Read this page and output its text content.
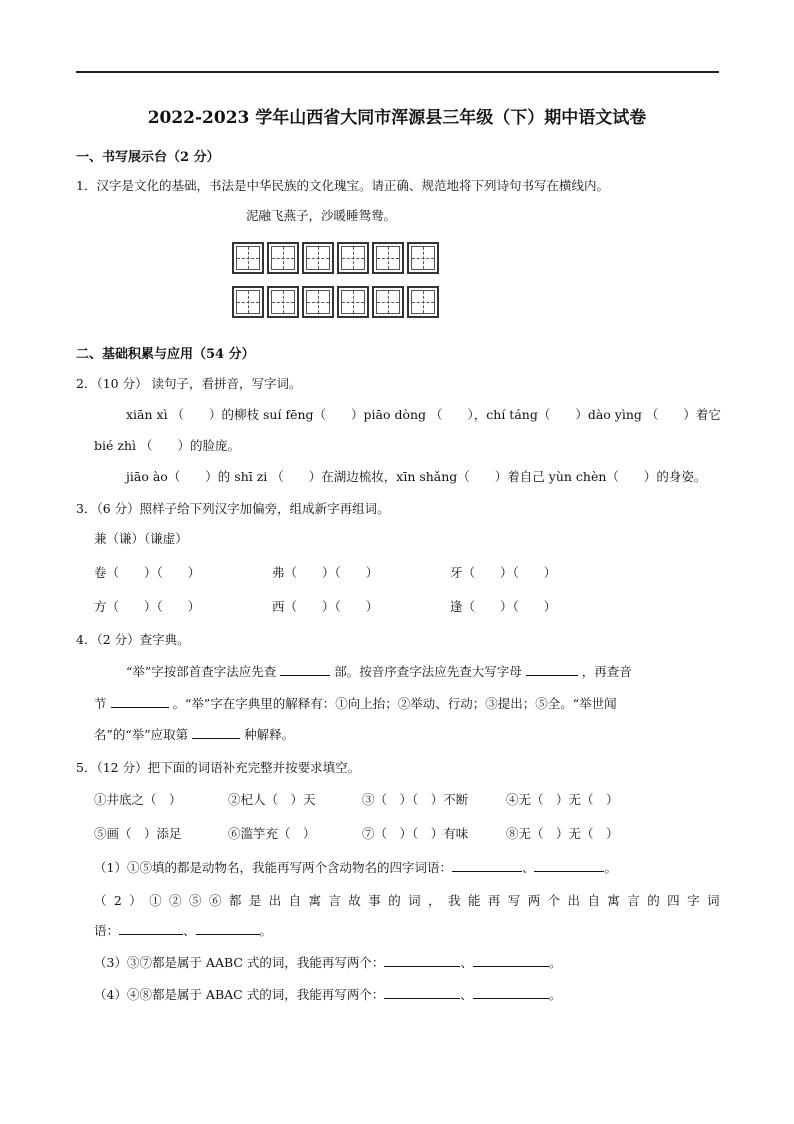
2022-2023 学年山西省大同市浑源县三年级（下）期中语文试卷
一、书写展示台（2 分）
1．汉字是文化的基础，书法是中华民族的文化瑰宝。请正确、规范地将下列诗句书写在横线内。
泥融飞燕子，沙暖睡鸳鸯。
二、基础积累与应用（54 分）
2．（10 分） 读句子，看拼音，写字词。
xiān xì （　　）的柳枝 suí fēng（　　）piāo dòng （　　），chí táng（　　）dào yìng （　　）着它
bié zhì （　　）的脸庞。
jiāo ào（　　）的 shī zi （　　）在湖边梳妆，xīn shǎng（　　）着自己 yùn chèn（　　）的身姿。
3．（6 分）照样子给下列汉字加偏旁，组成新字再组词。
兼（谦）（谦虚）
卷（　　）（　　）	弗（　　）（　　）	牙（　　）（　　）
方（　　）（　　）	西（　　）（　　）	逢（　　）（　　）
4．（2 分）查字典。
“举”字按部首查字法应先查	部。按音序查字法应先查大写字母	，再查音
节	。“举”字在字典里的解释有：①向上抬；②举动、行动；③提出；⑤全。“举世闻
名”的“举”应取第	种解释。
5．（12 分）把下面的词语补充完整并按要求填空。
①井底之（　）	②杞人（　）天	③（　）（　）不断	④无（　）无（　）
⑤画（　）添足	⑥滥竽充（　）	⑦（　）（　）有味	⑧无（　）无（　）
（1）①⑤填的都是动物名，我能再写两个含动物名的四字词语：	、	。
（2）①②⑤⑥都是出自寓言故事的词，我能再写两个出自寓言的四字词
语：	、	。
（3）③⑦都是属于 AABC 式的词，我能再写两个：	、	。
（4）④⑧都是属于 ABAC 式的词，我能再写两个：	、	。
